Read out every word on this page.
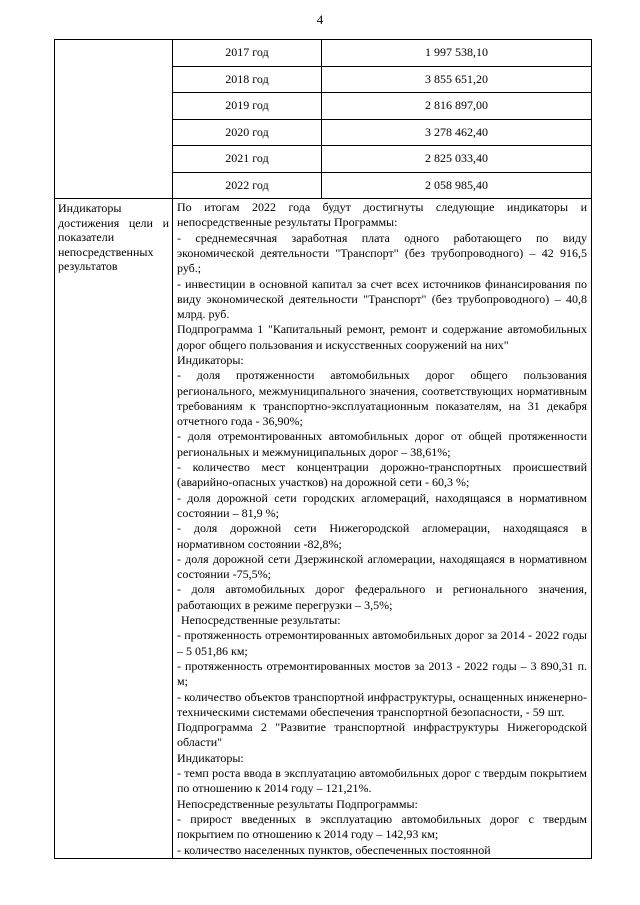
4

2017 год	1 997 538,10
2018 год	3 855 651,20
2019 год	2 816 897,00
2020 год	3 278 462,40
2021 год	2 825 033,40
2022 год	2 058 985,40

Индикаторы достижения цели и показатели непосредственных результатов	

По итогам 2022 года будут достигнуты следующие индикаторы и непосредственные результаты Программы:

- среднемесячная заработная плата одного работающего по виду экономической деятельности "Транспорт" (без трубопроводного) – 42 916,5 руб.;

- инвестиции в основной капитал за счет всех источников финансирования по виду экономической деятельности "Транспорт" (без трубопроводного) – 40,8 млрд. руб.

Подпрограмма 1 "Капитальный ремонт, ремонт и содержание автомобильных дорог общего пользования и искусственных сооружений на них"

Индикаторы:

- доля протяженности автомобильных дорог общего пользования регионального, межмуниципального значения, соответствующих нормативным требованиям к транспортно-эксплуатационным показателям, на 31 декабря отчетного года - 36,90%;

- доля отремонтированных автомобильных дорог от общей протяженности региональных и межмуниципальных дорог – 38,61%;

- количество мест концентрации дорожно-транспортных происшествий (аварийно-опасных участков) на дорожной сети - 60,3 %;

- доля дорожной сети городских агломераций, находящаяся в нормативном состоянии – 81,9 %;

- доля дорожной сети Нижегородской агломерации, находящаяся в нормативном состоянии -82,8%;

- доля дорожной сети Дзержинской агломерации, находящаяся в нормативном состоянии -75,5%;

- доля автомобильных дорог федерального и регионального значения, работающих в режиме перегрузки – 3,5%;

Непосредственные результаты:

- протяженность отремонтированных автомобильных дорог за 2014 - 2022 годы – 5 051,86 км;

- протяженность отремонтированных мостов за 2013 - 2022 годы – 3 890,31 п. м;

- количество объектов транспортной инфраструктуры, оснащенных инженерно-техническими системами обеспечения транспортной безопасности, - 59 шт.

Подпрограмма 2 "Развитие транспортной инфраструктуры Нижегородской области"

Индикаторы:

- темп роста ввода в эксплуатацию автомобильных дорог с твердым покрытием по отношению к 2014 году – 121,21%.

Непосредственные результаты Подпрограммы:

- прирост введенных в эксплуатацию автомобильных дорог с твердым покрытием по отношению к 2014 году – 142,93 км;

- количество населенных пунктов, обеспеченных постоянной
